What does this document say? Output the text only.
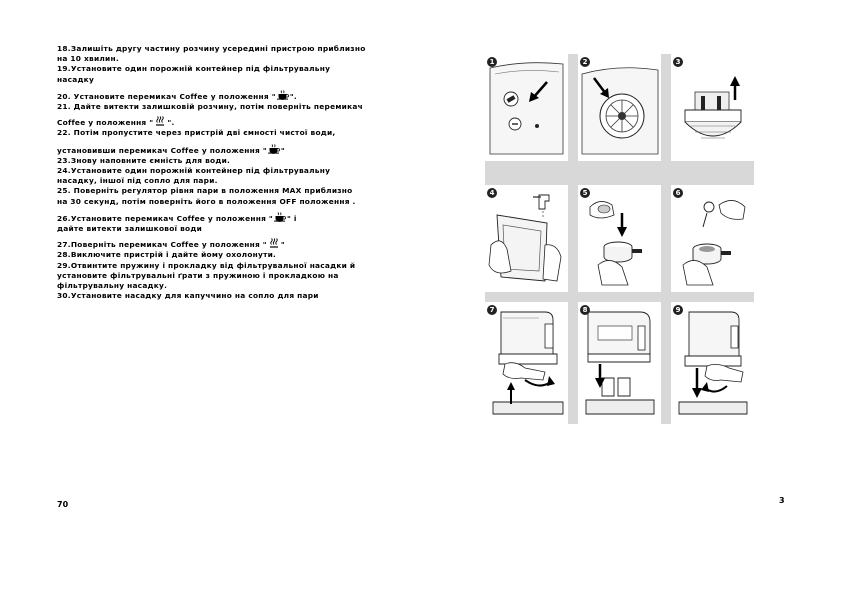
18.Залишіть другу частину розчину усередині пристрою приблизно
на 10 хвилин.
19.Установите один порожній контейнер під фільтрувальну
насадку
20. Установите перемикач Coffee у положення " ".
21. Дайте витекти залишковій розчину, потім поверніть перемикач
Coffee у положення " ".
22. Потім пропустите через пристрій дві ємності чистої води,
установивши перемикач Coffee у положення " "
23.Знову наповните ємність для води.
24.Установите один порожній контейнер під фільтрувальну
насадку, іншої під сопло для пари.
25. Поверніть регулятор рівня пари в положення MAX приблизно
на 30 секунд, потім поверніть його в положення OFF положення .
26.Установите перемикач Coffee у положення " " і
дайте витекти залишкової води
27.Поверніть перемикач Coffee у положення " "
28.Виключите пристрій і дайте йому охолонути.
29.Отвинтите пружину і прокладку від фільтрувальної насадки й
установите фільтрувальні ґрати з пружиною і прокладкою на
фільтрувальну насадку.
30.Установите насадку для капуччино на сопло для пари
1	2	3
4	5	6
7	8	9
70	3
